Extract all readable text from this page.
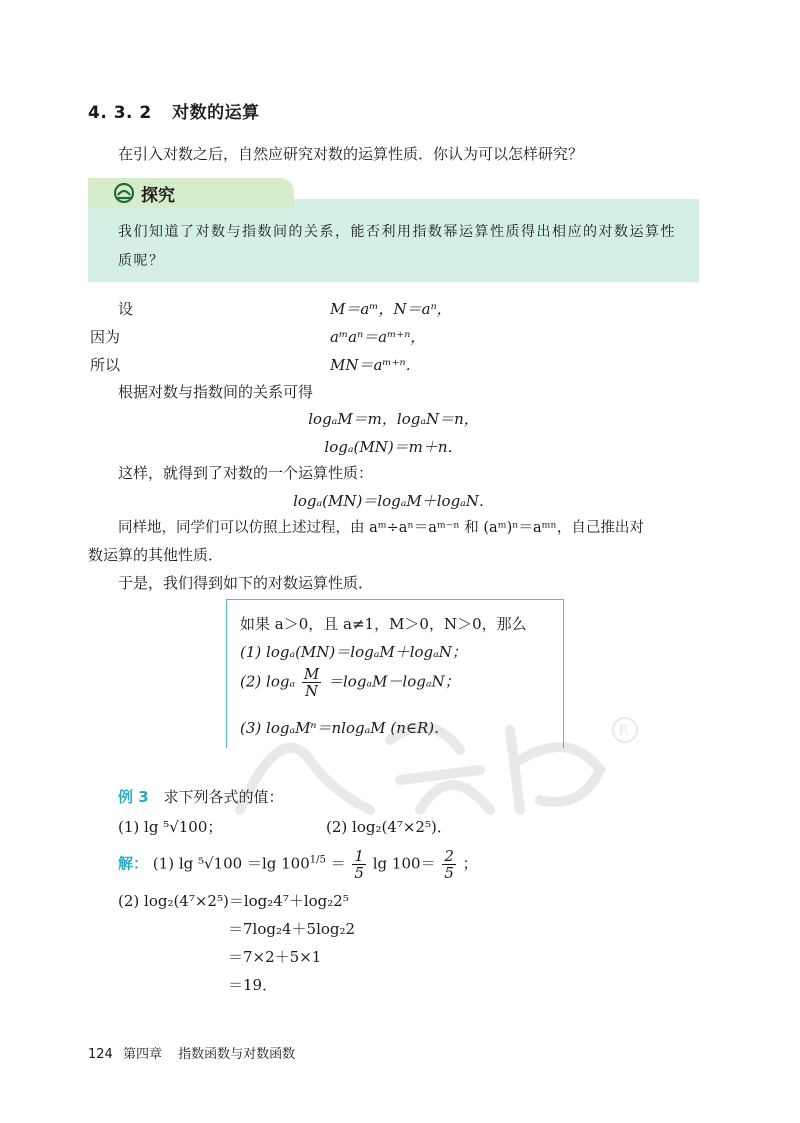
4. 3. 2 对数的运算
在引入对数之后，自然应研究对数的运算性质．你认为可以怎样研究？
探究
我们知道了对数与指数间的关系，能否利用指数幂运算性质得出相应的对数运算性质呢？
设	M＝aᵐ，N＝aⁿ，
因为	aᵐaⁿ＝aᵐ⁺ⁿ，
所以	MN＝aᵐ⁺ⁿ．
根据对数与指数间的关系可得
logₐM＝m，logₐN＝n，
logₐ(MN)＝m＋n．
这样，就得到了对数的一个运算性质：
logₐ(MN)＝logₐM＋logₐN．
同样地，同学们可以仿照上述过程，由 aᵐ÷aⁿ＝aᵐ⁻ⁿ 和 (aᵐ)ⁿ＝aᵐⁿ，自己推出对
数运算的其他性质．
于是，我们得到如下的对数运算性质．
如果 a＞0，且 a≠1，M＞0，N＞0，那么
(1) logₐ(MN)＝logₐM＋logₐN；
(2) logₐ $\frac{M}{N} =\log_aM-\log_aN$；
(3) logₐMⁿ＝nlogₐM (n∈R)．	R
例 3 求下列各式的值：
(1) lg ⁵√100；	(2) log₂(4⁷×2⁵)．
解： (1) lg ⁵√100 ＝lg $100^{1/5} = \frac{1}{5}$ $\lg 100= \frac{2}{5}$ ；
(2) log₂(4⁷×2⁵)＝log₂4⁷＋log₂2⁵
＝7log₂4＋5log₂2
＝7×2＋5×1
＝19．
124 第四章 指数函数与对数函数
